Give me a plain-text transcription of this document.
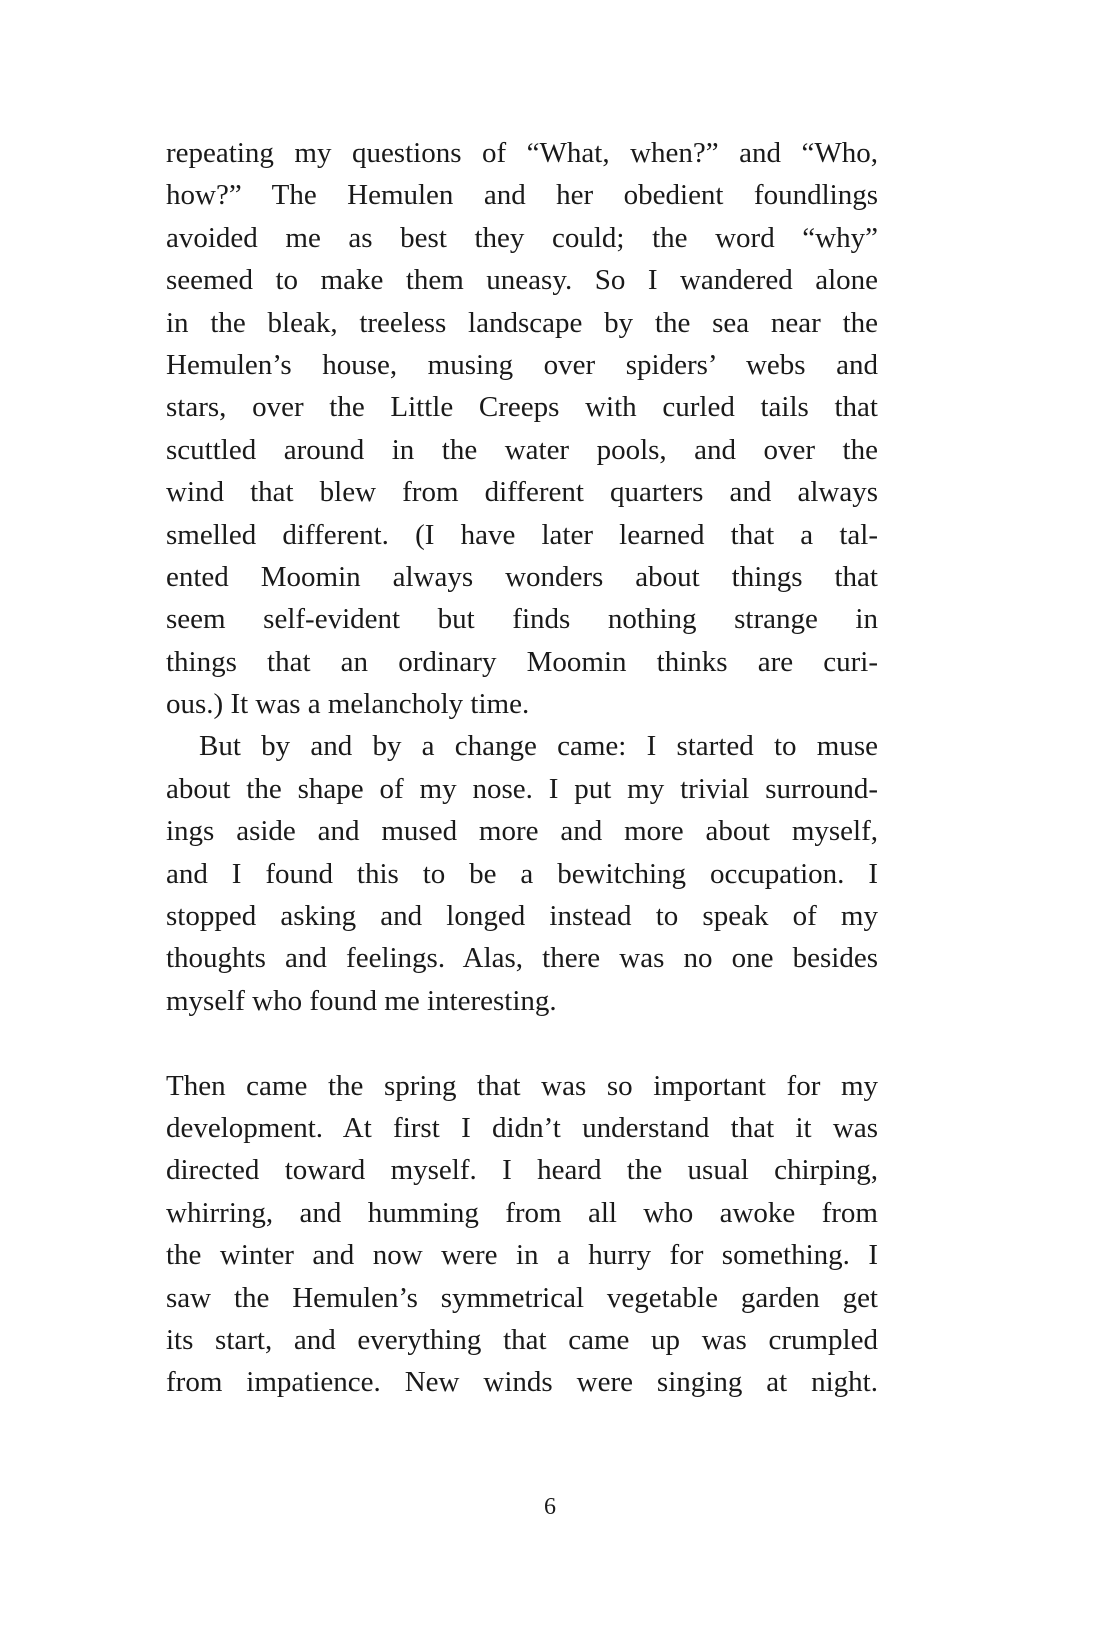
repeating my questions of “What, when?” and “Who,
how?” The Hemulen and her obedient foundlings
avoided me as best they could; the word “why”
seemed to make them uneasy. So I wandered alone
in the bleak, treeless landscape by the sea near the
Hemulen’s house, musing over spiders’ webs and
stars, over the Little Creeps with curled tails that
scuttled around in the water pools, and over the
wind that blew from different quarters and always
smelled different. (I have later learned that a tal-
ented Moomin always wonders about things that
seem self-evident but finds nothing strange in
things that an ordinary Moomin thinks are curi-
ous.) It was a melancholy time.
But by and by a change came: I started to muse
about the shape of my nose. I put my trivial surround-
ings aside and mused more and more about myself,
and I found this to be a bewitching occupation. I
stopped asking and longed instead to speak of my
thoughts and feelings. Alas, there was no one besides
myself who found me interesting.
Then came the spring that was so important for my
development. At first I didn’t understand that it was
directed toward myself. I heard the usual chirping,
whirring, and humming from all who awoke from
the winter and now were in a hurry for something. I
saw the Hemulen’s symmetrical vegetable garden get
its start, and everything that came up was crumpled
from impatience. New winds were singing at night.
6
